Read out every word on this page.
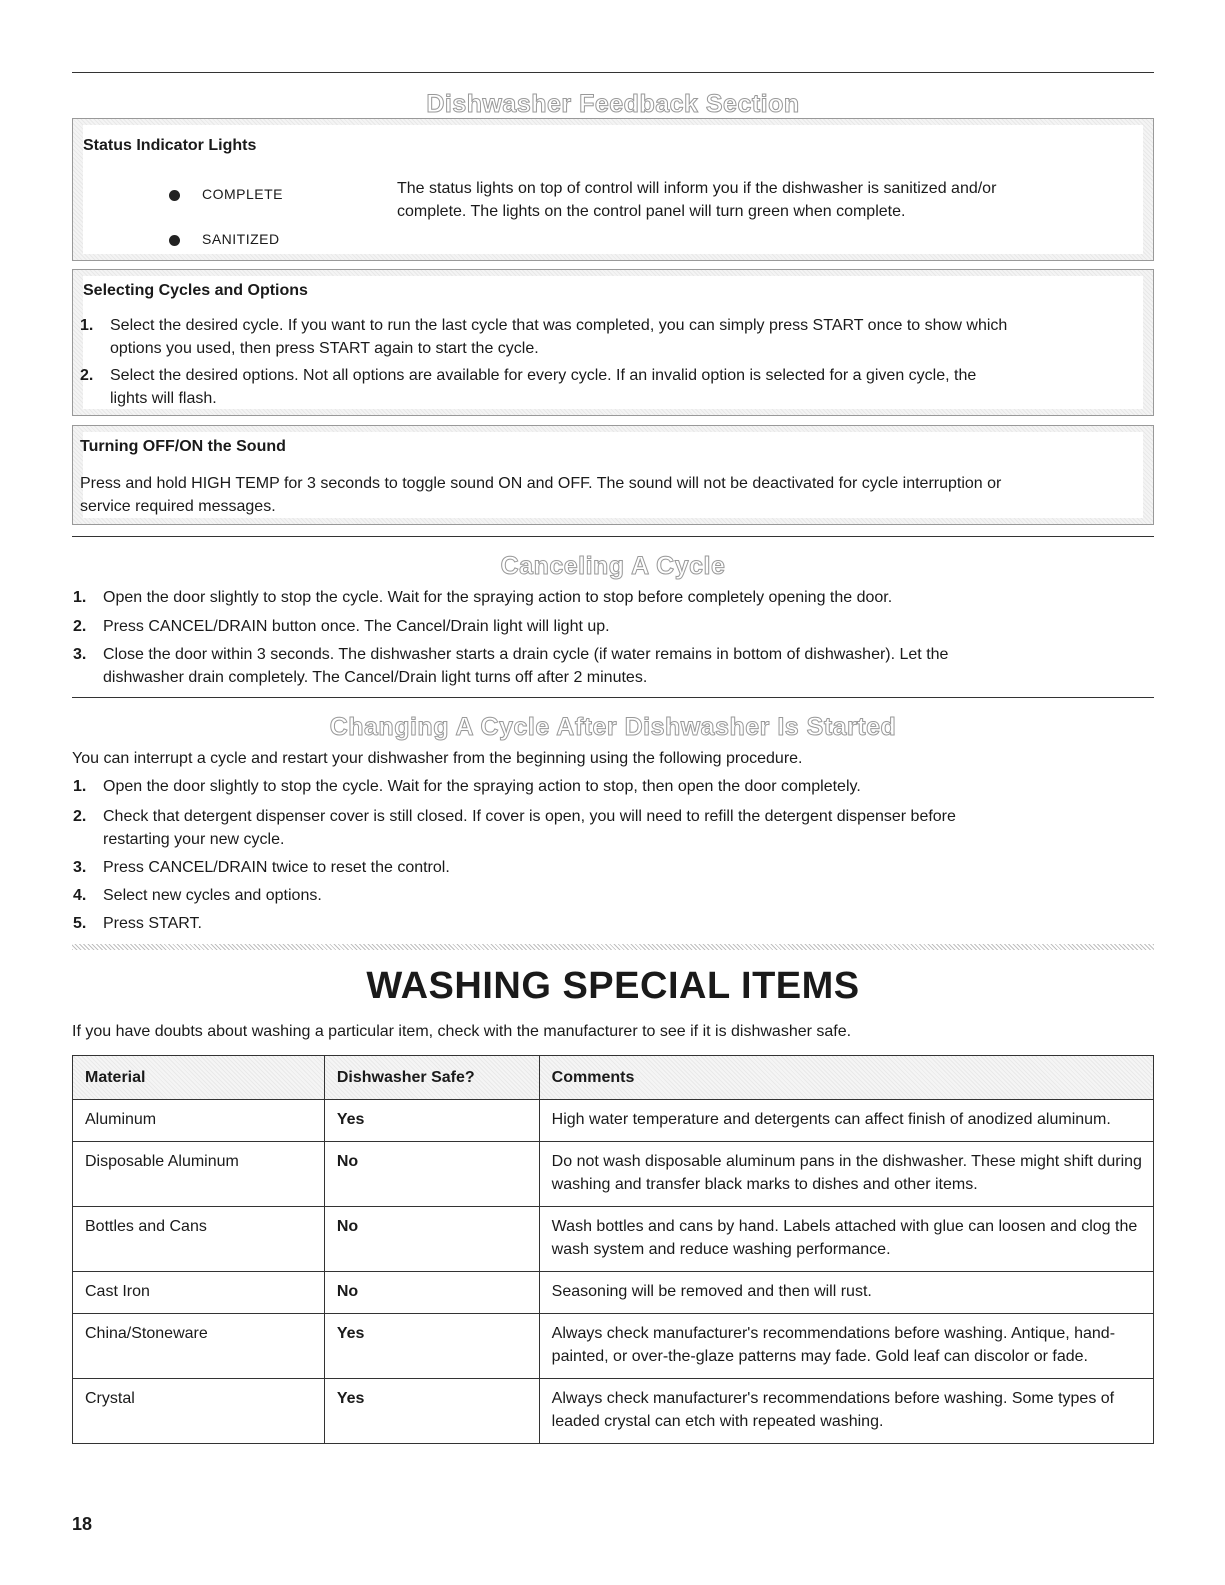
Dishwasher Feedback Section
Status Indicator Lights
COMPLETE
SANITIZED
The status lights on top of control will inform you if the dishwasher is sanitized and/or
complete. The lights on the control panel will turn green when complete.
Selecting Cycles and Options
1. Select the desired cycle. If you want to run the last cycle that was completed, you can simply press START once to show which
options you used, then press START again to start the cycle.
2. Select the desired options. Not all options are available for every cycle. If an invalid option is selected for a given cycle, the
lights will flash.
Turning OFF/ON the Sound
Press and hold HIGH TEMP for 3 seconds to toggle sound ON and OFF. The sound will not be deactivated for cycle interruption or
service required messages.
Canceling A Cycle
1. Open the door slightly to stop the cycle. Wait for the spraying action to stop before completely opening the door.
2. Press CANCEL/DRAIN button once. The Cancel/Drain light will light up.
3. Close the door within 3 seconds. The dishwasher starts a drain cycle (if water remains in bottom of dishwasher). Let the
dishwasher drain completely. The Cancel/Drain light turns off after 2 minutes.
Changing A Cycle After Dishwasher Is Started
You can interrupt a cycle and restart your dishwasher from the beginning using the following procedure.
1. Open the door slightly to stop the cycle. Wait for the spraying action to stop, then open the door completely.
2. Check that detergent dispenser cover is still closed. If cover is open, you will need to refill the detergent dispenser before
restarting your new cycle.
3. Press CANCEL/DRAIN twice to reset the control.
4. Select new cycles and options.
5. Press START.
WASHING SPECIAL ITEMS
If you have doubts about washing a particular item, check with the manufacturer to see if it is dishwasher safe.
Material	Dishwasher Safe?	Comments
Aluminum	Yes	High water temperature and detergents can affect finish of anodized aluminum.
Disposable Aluminum	No	Do not wash disposable aluminum pans in the dishwasher. These might shift during washing and transfer black marks to dishes and other items.
Bottles and Cans	No	Wash bottles and cans by hand. Labels attached with glue can loosen and clog the wash system and reduce washing performance.
Cast Iron	No	Seasoning will be removed and then will rust.
China/Stoneware	Yes	Always check manufacturer's recommendations before washing. Antique, hand-painted, or over-the-glaze patterns may fade. Gold leaf can discolor or fade.
Crystal	Yes	Always check manufacturer's recommendations before washing. Some types of leaded crystal can etch with repeated washing.
18
